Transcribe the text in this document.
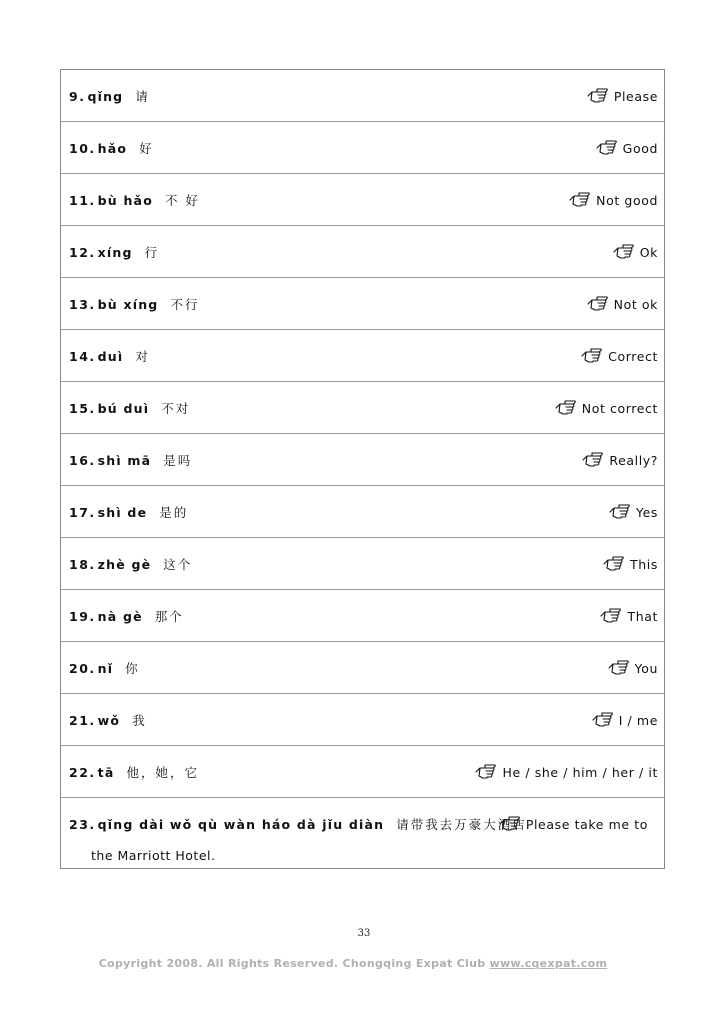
9. qǐng 请	Please
10. hǎo 好	Good
11. bù hǎo 不 好	Not good
12. xíng 行	Ok
13. bù xíng 不行	Not ok
14. duì 对	Correct
15. bú duì 不对	Not correct
16. shì mā 是吗	Really?
17. shì de 是的	Yes
18. zhè gè 这个	This
19. nà gè 那个	That
20. nǐ 你	You
21. wǒ 我	I / me
22. tā 他，她，它	He / she / him / her / it
23. qǐng dài wǒ qù wàn háo dà jǐu diàn 请带我去万豪大酒店 Please take me to
the Marriott Hotel.
33
Copyright 2008. All Rights Reserved. Chongqing Expat Club www.cqexpat.com
